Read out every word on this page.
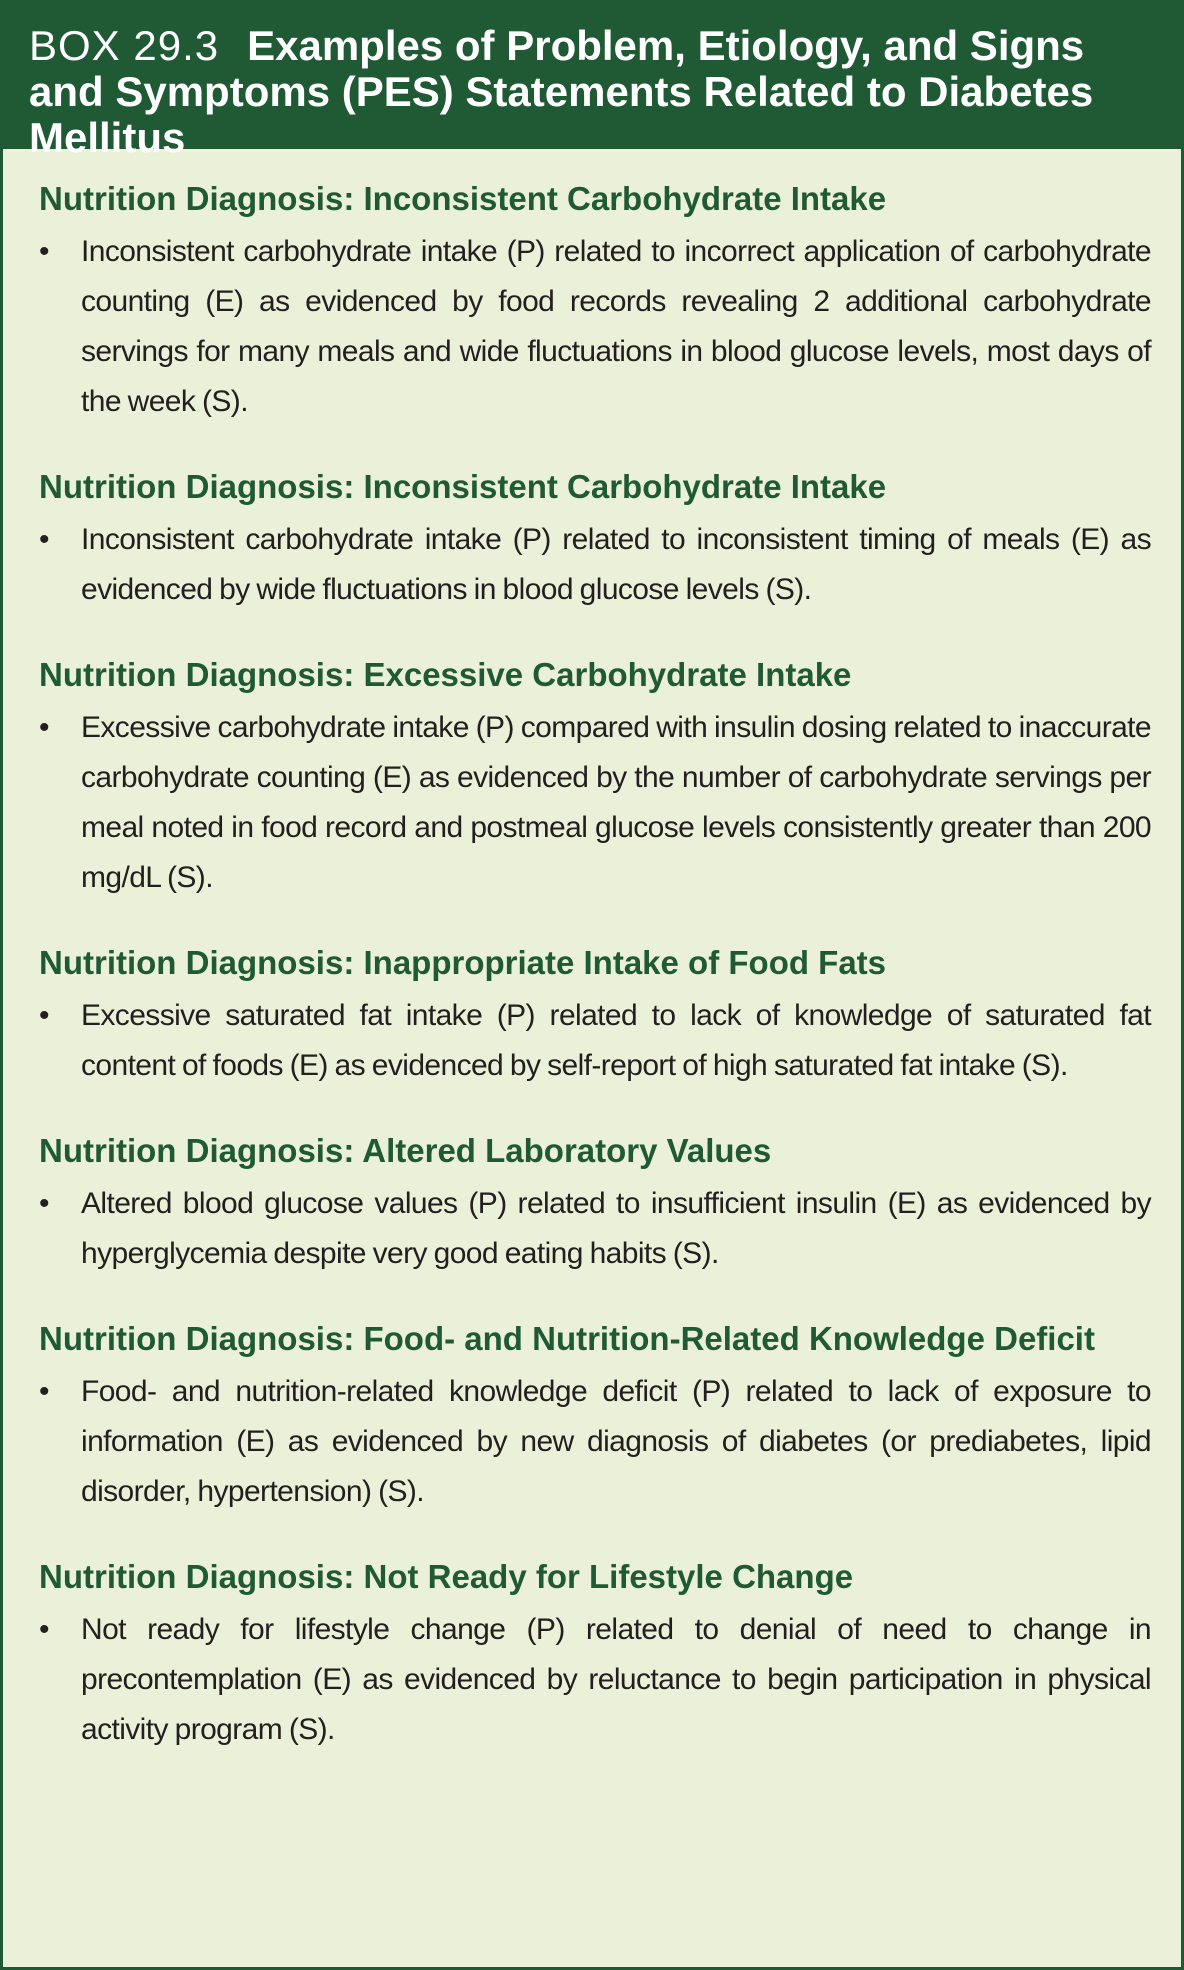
BOX 29.3 Examples of Problem, Etiology, and Signs and Symptoms (PES) Statements Related to Diabetes Mellitus
Nutrition Diagnosis: Inconsistent Carbohydrate Intake
•	Inconsistent carbohydrate intake (P) related to incorrect application of carbohydrate counting (E) as evidenced by food records revealing 2 additional carbohydrate servings for many meals and wide fluctuations in blood glucose levels, most days of the week (S).
Nutrition Diagnosis: Inconsistent Carbohydrate Intake
•	Inconsistent carbohydrate intake (P) related to inconsistent timing of meals (E) as evidenced by wide fluctuations in blood glucose levels (S).
Nutrition Diagnosis: Excessive Carbohydrate Intake
•	Excessive carbohydrate intake (P) compared with insulin dosing related to inaccurate carbohydrate counting (E) as evidenced by the number of carbohydrate servings per meal noted in food record and postmeal glucose levels consistently greater than 200 mg/dL (S).
Nutrition Diagnosis: Inappropriate Intake of Food Fats
•	Excessive saturated fat intake (P) related to lack of knowledge of saturated fat content of foods (E) as evidenced by self-report of high saturated fat intake (S).
Nutrition Diagnosis: Altered Laboratory Values
•	Altered blood glucose values (P) related to insufficient insulin (E) as evidenced by hyperglycemia despite very good eating habits (S).
Nutrition Diagnosis: Food- and Nutrition-Related Knowledge Deficit
•	Food- and nutrition-related knowledge deficit (P) related to lack of exposure to information (E) as evidenced by new diagnosis of diabetes (or prediabetes, lipid disorder, hypertension) (S).
Nutrition Diagnosis: Not Ready for Lifestyle Change
•	Not ready for lifestyle change (P) related to denial of need to change in precontemplation (E) as evidenced by reluctance to begin participation in physical activity program (S).
